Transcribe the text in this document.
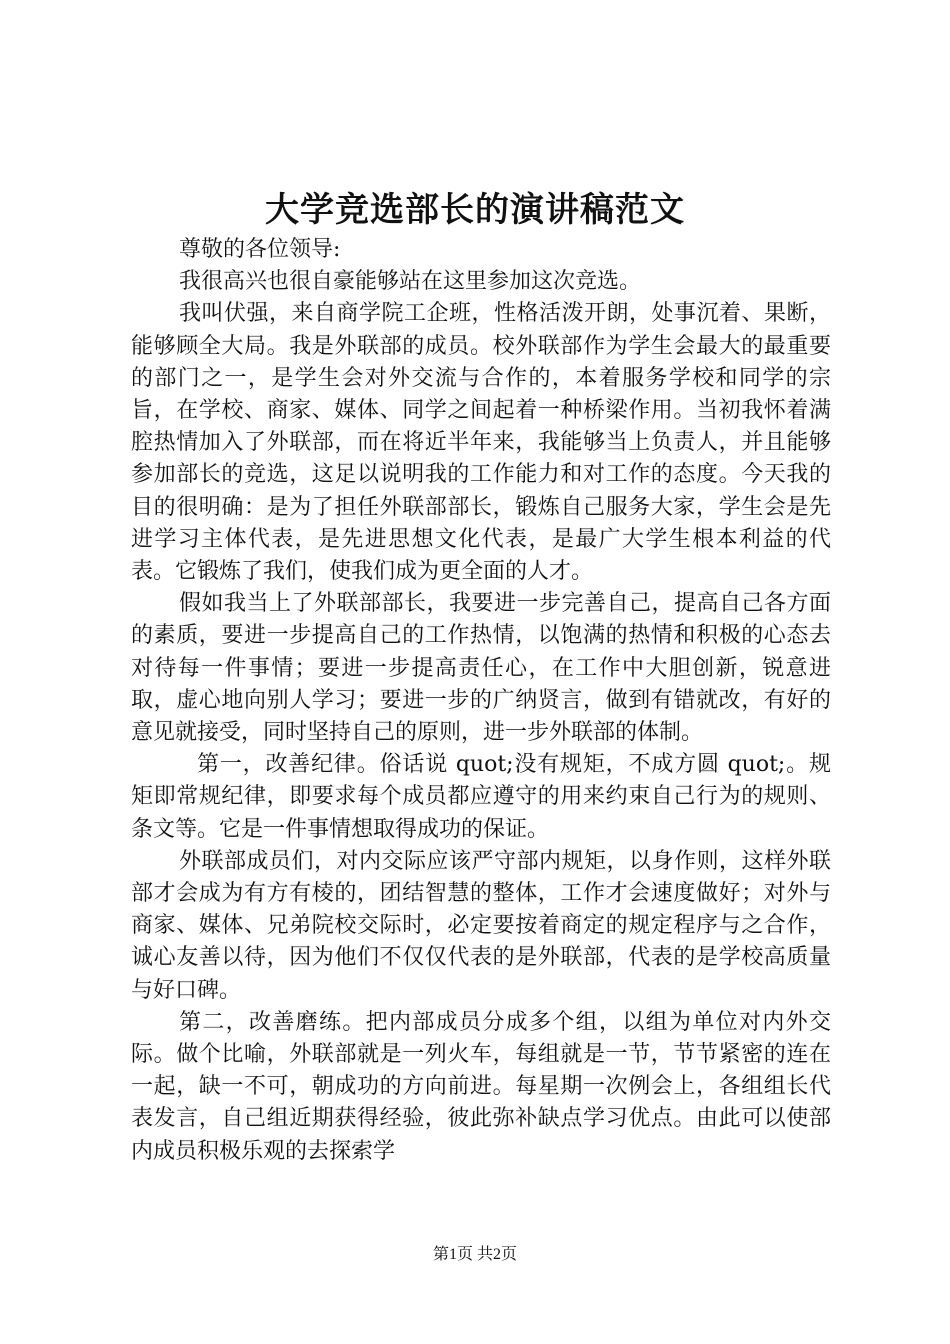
大学竞选部长的演讲稿范文

尊敬的各位领导:

我很高兴也很自豪能够站在这里参加这次竞选。

我叫伏强，来自商学院工企班，性格活泼开朗，处事沉着、果断，能够顾全大局。我是外联部的成员。校外联部作为学生会最大的最重要的部门之一，是学生会对外交流与合作的，本着服务学校和同学的宗旨，在学校、商家、媒体、同学之间起着一种桥梁作用。当初我怀着满腔热情加入了外联部，而在将近半年来，我能够当上负责人，并且能够参加部长的竞选，这足以说明我的工作能力和对工作的态度。今天我的目的很明确：是为了担任外联部部长，锻炼自己服务大家，学生会是先进学习主体代表，是先进思想文化代表，是最广大学生根本利益的代表。它锻炼了我们，使我们成为更全面的人才。

假如我当上了外联部部长，我要进一步完善自己，提高自己各方面的素质，要进一步提高自己的工作热情，以饱满的热情和积极的心态去对待每一件事情；要进一步提高责任心，在工作中大胆创新，锐意进取，虚心地向别人学习；要进一步的广纳贤言，做到有错就改，有好的意见就接受，同时坚持自己的原则，进一步外联部的体制。

第一，改善纪律。俗话说 quot;没有规矩，不成方圆 quot;。规矩即常规纪律，即要求每个成员都应遵守的用来约束自己行为的规则、条文等。它是一件事情想取得成功的保证。

外联部成员们，对内交际应该严守部内规矩，以身作则，这样外联部才会成为有方有棱的，团结智慧的整体，工作才会速度做好；对外与商家、媒体、兄弟院校交际时，必定要按着商定的规定程序与之合作，诚心友善以待，因为他们不仅仅代表的是外联部，代表的是学校高质量与好口碑。

第二，改善磨练。把内部成员分成多个组，以组为单位对内外交际。做个比喻，外联部就是一列火车，每组就是一节，节节紧密的连在一起，缺一不可，朝成功的方向前进。每星期一次例会上，各组组长代表发言，自己组近期获得经验，彼此弥补缺点学习优点。由此可以使部内成员积极乐观的去探索学

第1页 共2页
